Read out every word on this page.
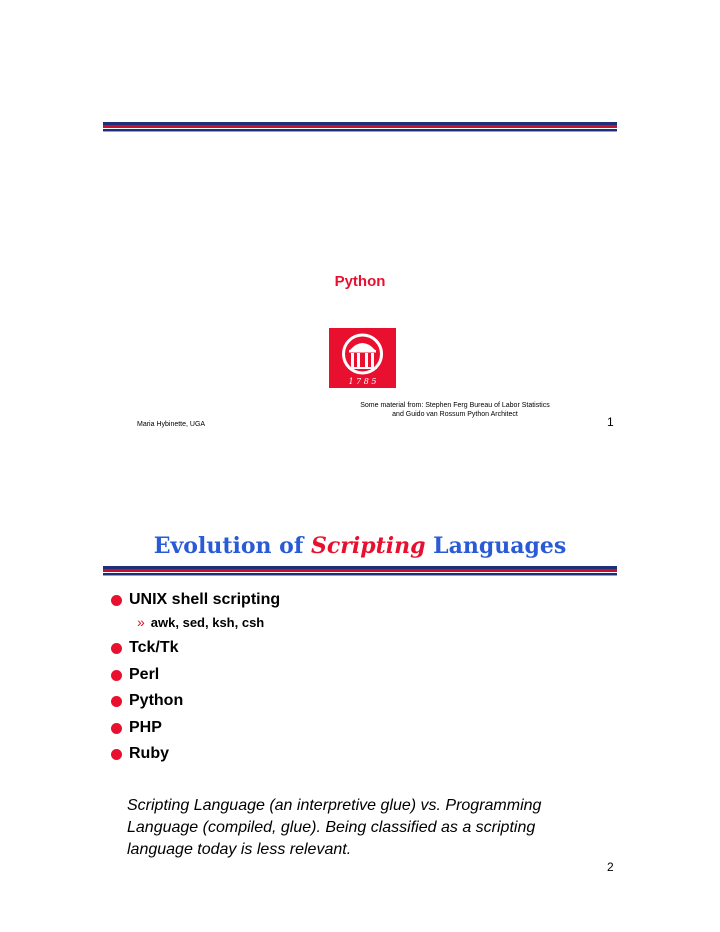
Python
1 7 8 5
Some material from: Stephen Ferg Bureau of Labor Statistics
and Guido van Rossum Python Architect
Maria Hybinette, UGA	1
Evolution of Scripting Languages
UNIX shell scripting
» awk, sed, ksh, csh
Tck/Tk
Perl
Python
PHP
Ruby
Scripting Language (an interpretive glue) vs. Programming Language (compiled, glue). Being classified as a scripting language today is less relevant.
2
